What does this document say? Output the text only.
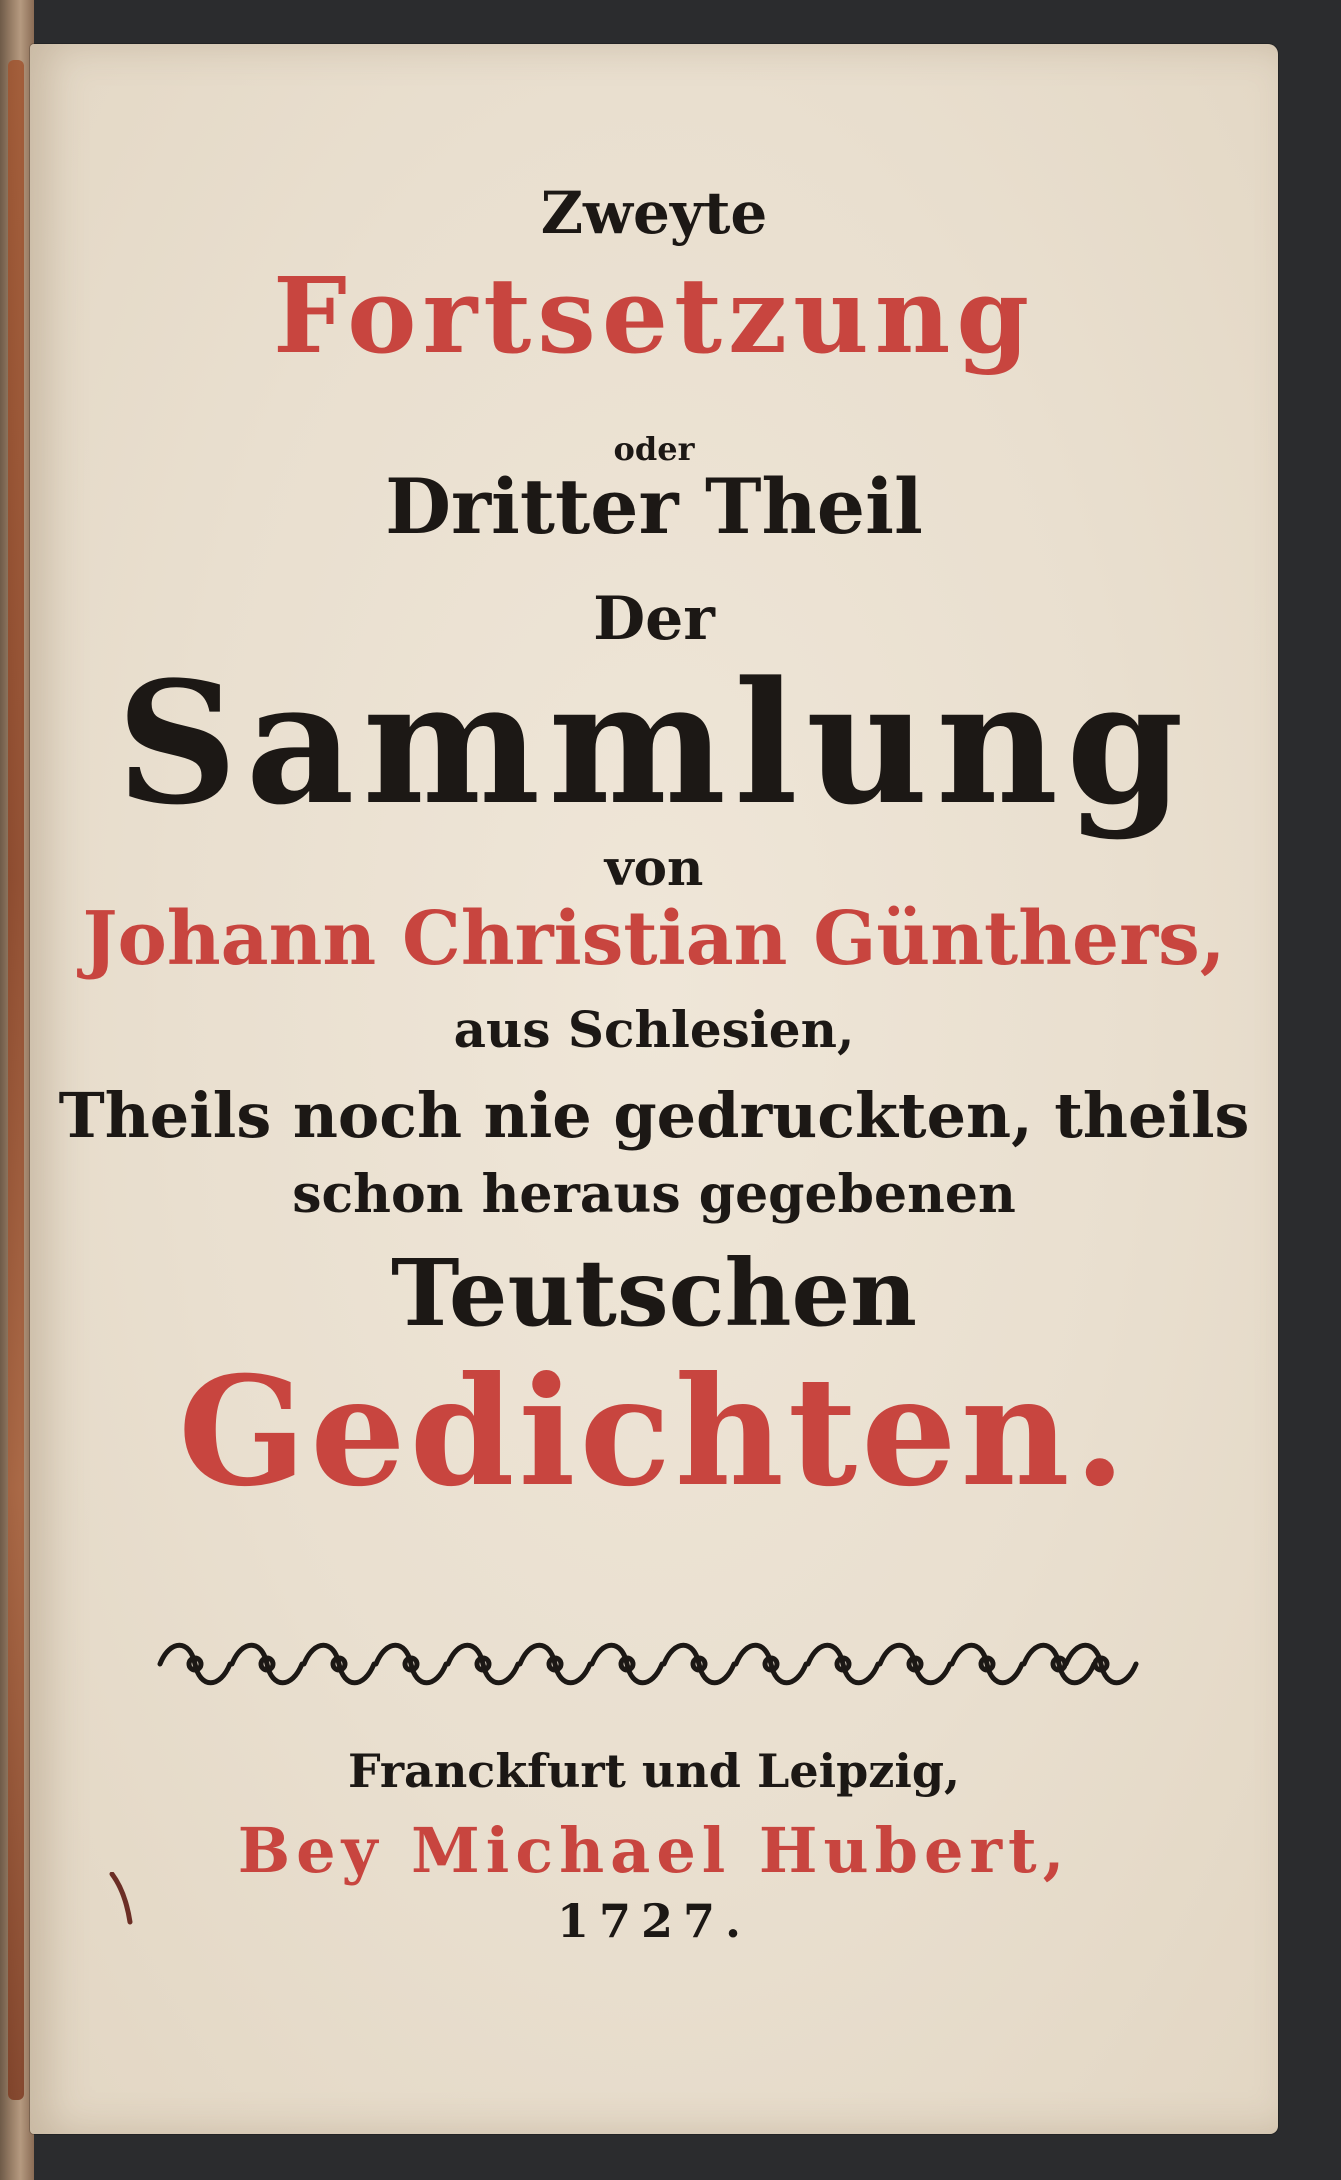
Zweyte
Fortsetzung
oder
Dritter Theil
Der
Sammlung
von
Johann Christian Günthers,
aus Schlesien,
Theils noch nie gedruckten, theils
schon heraus gegebenen
Teutschen
Gedichten.
Franckfurt und Leipzig,
Bey Michael Hubert,
1727.
